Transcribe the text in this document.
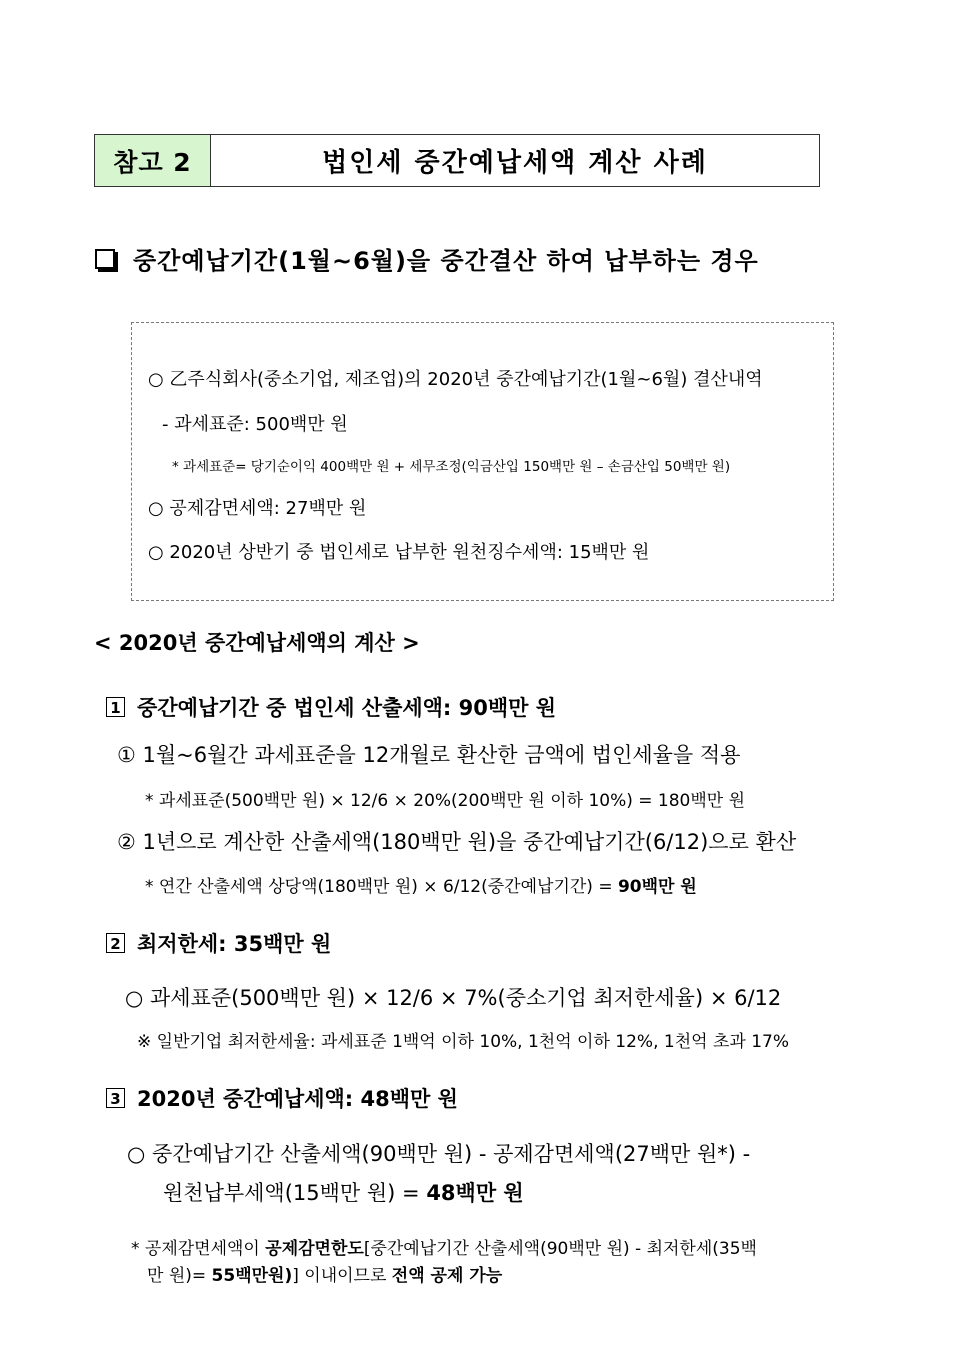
참고 2	법인세 중간예납세액 계산 사례
중간예납기간(1월~6월)을 중간결산 하여 납부하는 경우
○ 乙주식회사(중소기업, 제조업)의 2020년 중간예납기간(1월~6월) 결산내역
- 과세표준: 500백만 원
* 과세표준= 당기순이익 400백만 원 + 세무조정(익금산입 150백만 원 – 손금산입 50백만 원)
○ 공제감면세액: 27백만 원
○ 2020년 상반기 중 법인세로 납부한 원천징수세액: 15백만 원
< 2020년 중간예납세액의 계산 >
1 중간예납기간 중 법인세 산출세액: 90백만 원
① 1월~6월간 과세표준을 12개월로 환산한 금액에 법인세율을 적용
* 과세표준(500백만 원) × 12/6 × 20%(200백만 원 이하 10%) = 180백만 원
② 1년으로 계산한 산출세액(180백만 원)을 중간예납기간(6/12)으로 환산
* 연간 산출세액 상당액(180백만 원) × 6/12(중간예납기간) = 90백만 원
2 최저한세: 35백만 원
○ 과세표준(500백만 원) × 12/6 × 7%(중소기업 최저한세율) × 6/12
※ 일반기업 최저한세율: 과세표준 1백억 이하 10%, 1천억 이하 12%, 1천억 초과 17%
3 2020년 중간예납세액: 48백만 원
○ 중간예납기간 산출세액(90백만 원) - 공제감면세액(27백만 원*) -
원천납부세액(15백만 원) = 48백만 원
* 공제감면세액이 공제감면한도[중간예납기간 산출세액(90백만 원) - 최저한세(35백
만 원)= 55백만원)] 이내이므로 전액 공제 가능
